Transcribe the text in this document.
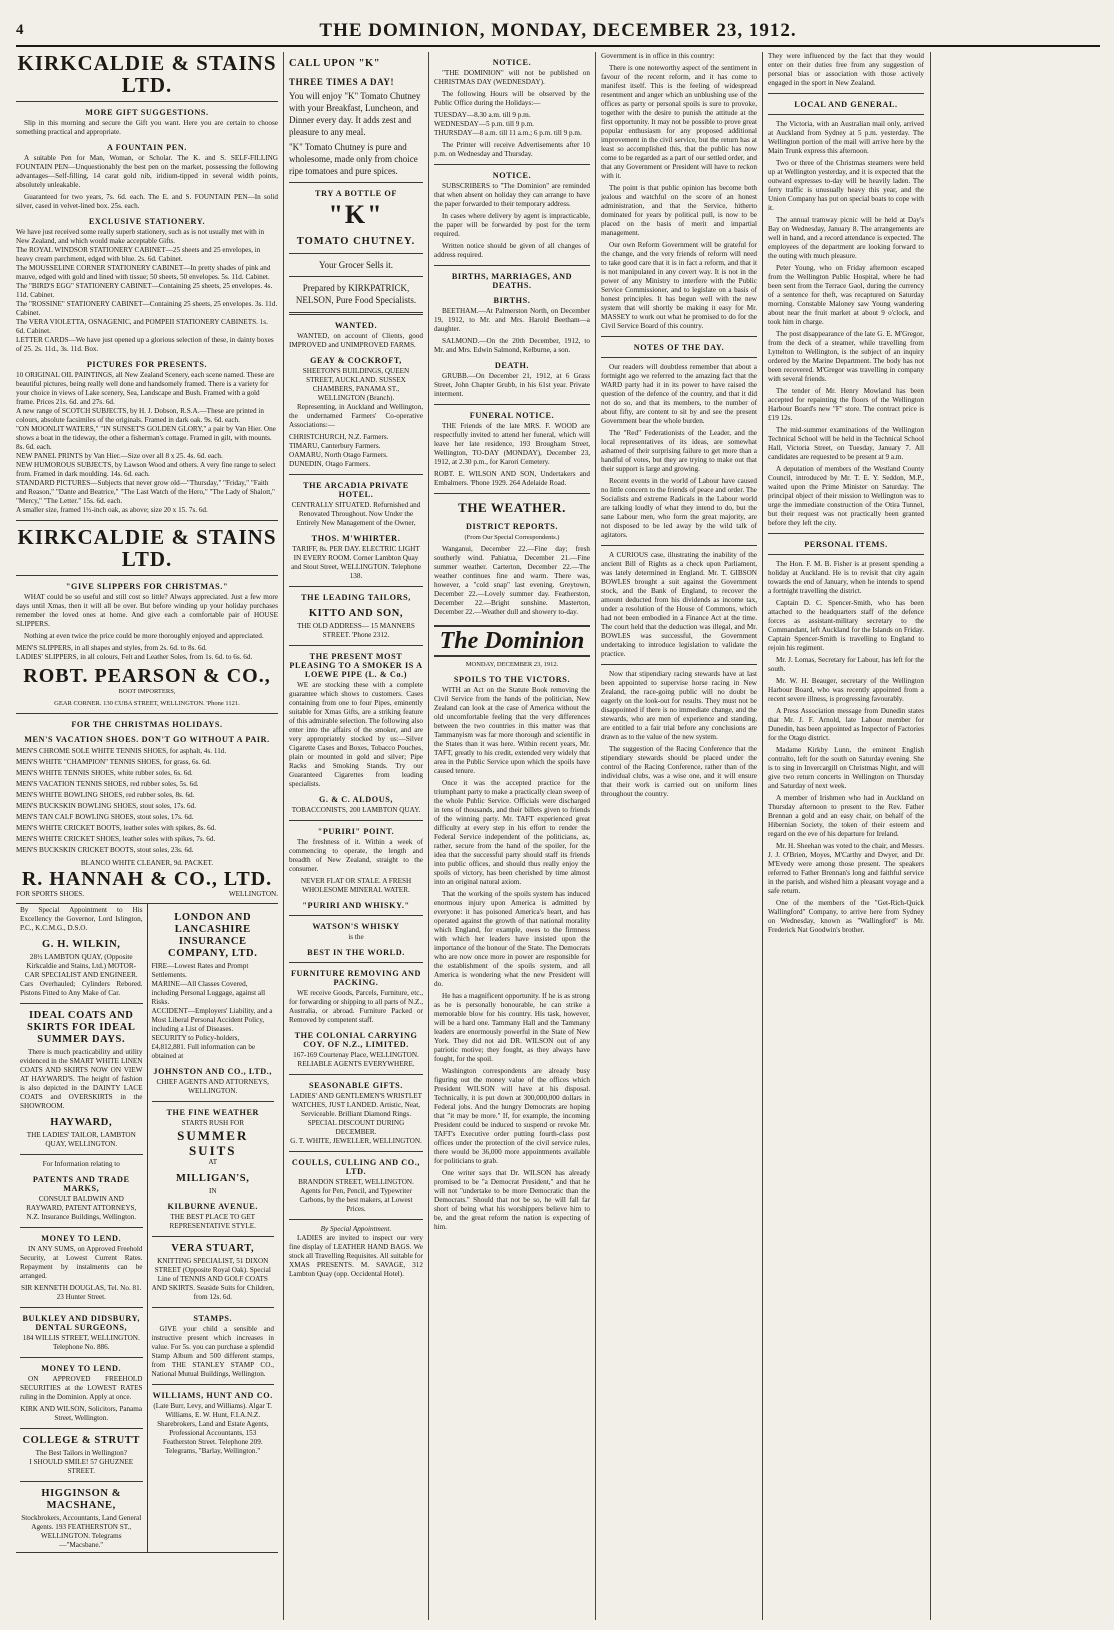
4	THE DOMINION, MONDAY, DECEMBER 23, 1912.
KIRKCALDIE & STAINS LTD.
MORE GIFT SUGGESTIONS.

Slip in this morning and secure the Gift you want. Here you are certain to choose something practical and appropriate.

A FOUNTAIN PEN.

A suitable Pen for Man, Woman, or Scholar. The K. and S. SELF-FILLING FOUNTAIN PEN—Unquestionably the best pen on the market, possessing the following advantages—Self-filling, 14 carat gold nib, iridium-tipped in several width points, absolutely unleakable.

Guaranteed for two years, 7s. 6d. each. The E. and S. FOUNTAIN PEN—In solid silver, cased in velvet-lined box. 25s. each.

EXCLUSIVE STATIONERY.
We have just received some really superb stationery, such as is not usually met with in New Zealand, and which would make acceptable Gifts.
The ROYAL WINDSOR STATIONERY CABINET—25 sheets and 25 envelopes, in heavy cream parchment, edged with blue. 2s. 6d. Cabinet.
The MOUSSELINE CORNER STATIONERY CABINET—In pretty shades of pink and mauve, edged with gold and lined with tissue; 50 sheets, 50 envelopes. 5s. 11d. Cabinet.
The "BIRD'S EGG" STATIONERY CABINET—Containing 25 sheets, 25 envelopes. 4s. 11d. Cabinet.
The "ROSSINE" STATIONERY CABINET—Containing 25 sheets, 25 envelopes. 3s. 11d. Cabinet.
The VERA VIOLETTA, OSNAGENIC, and POMPEII STATIONERY CABINETS. 1s. 6d. Cabinet.
LETTER CARDS—We have just opened up a glorious selection of these, in dainty boxes of 25. 2s. 11d., 3s. 11d. Box.
PICTURES FOR PRESENTS.
10 ORIGINAL OIL PAINTINGS, all New Zealand Scenery, each scene named. These are beautiful pictures, being really well done and handsomely framed. There is a variety for your choice in views of Lake scenery, Sea, Landscape and Bush. Framed with a gold frame. Prices 21s. 6d. and 27s. 6d.
A new range of SCOTCH SUBJECTS, by H. J. Dobson, R.S.A.—These are printed in colours, absolute facsimiles of the originals. Framed in dark oak. 9s. 6d. each.
"ON MOONLIT WATERS," "IN SUNSET'S GOLDEN GLORY," a pair by Van Hier. One shows a boat in the tideway, the other a fisherman's cottage. Framed in gilt, with mounts. 8s. 6d. each.
NEW PANEL PRINTS by Van Hier.—Size over all 8 x 25. 4s. 6d. each.
NEW HUMOROUS SUBJECTS, by Lawson Wood and others. A very fine range to select from. Framed in dark moulding. 14s. 6d. each.
STANDARD PICTURES—Subjects that never grow old—"Thursday," "Friday," "Faith and Reason," "Dante and Beatrice," "The Last Watch of the Hero," "The Lady of Shalott," "Mercy," "The Letter." 15s. 6d. each.
A smaller size, framed 1½-inch oak, as above; size 20 x 15. 7s. 6d.
KIRKCALDIE & STAINS LTD.
"GIVE SLIPPERS FOR CHRISTMAS."

WHAT could be so useful and still cost so little? Always appreciated. Just a few more days until Xmas, then it will all be over. But before winding up your holiday purchases remember the loved ones at home. And give each a comfortable pair of HOUSE SLIPPERS.

Nothing at even twice the price could be more thoroughly enjoyed and appreciated.

MEN'S SLIPPERS, in all shapes and styles, from 2s. 6d. to 8s. 6d.
LADIES' SLIPPERS, in all colours, Felt and Leather Soles, from 1s. 6d. to 6s. 6d.
ROBT. PEARSON & CO.,
BOOT IMPORTERS,
GEAR CORNER. 130 CUBA STREET, WELLINGTON. 'Phone 1121.
FOR THE CHRISTMAS HOLIDAYS.
MEN'S VACATION SHOES. DON'T GO WITHOUT A PAIR.
MEN'S CHROME SOLE WHITE TENNIS SHOES, for asphalt, 4s. 11d.
MEN'S WHITE "CHAMPION" TENNIS SHOES, for grass, 6s. 6d.
MEN'S WHITE TENNIS SHOES, white rubber soles, 6s. 6d.
MEN'S VACATION TENNIS SHOES, red rubber soles, 5s. 6d.
MEN'S WHITE BOWLING SHOES, red rubber soles, 8s. 6d.
MEN'S BUCKSKIN BOWLING SHOES, stout soles, 17s. 6d.
MEN'S TAN CALF BOWLING SHOES, stout soles, 17s. 6d.
MEN'S WHITE CRICKET BOOTS, leather soles with spikes, 8s. 6d.
MEN'S WHITE CRICKET SHOES, leather soles with spikes, 7s. 6d.
MEN'S BUCKSKIN CRICKET BOOTS, stout soles, 23s. 6d.
BLANCO WHITE CLEANER, 9d. PACKET.
R. HANNAH & CO., LTD.
FOR SPORTS SHOES.	WELLINGTON.

By Special Appointment to His Excellency the Governor, Lord Islington, P.C., K.C.M.G., D.S.O.

G. H. WILKIN,
28½ LAMBTON QUAY, (Opposite Kirkcaldie and Stains, Ltd.) MOTOR-CAR SPECIALIST AND ENGINEER.

Cars Overhauled; Cylinders Rebored. Pistons Fitted to Any Make of Car.

IDEAL COATS AND SKIRTS FOR IDEAL SUMMER DAYS.

There is much practicability and utility evidenced in the SMART WHITE LINEN COATS AND SKIRTS NOW ON VIEW AT HAYWARD'S. The height of fashion is also depicted in the DAINTY LACE COATS and OVERSKIRTS in the SHOWROOM.

HAYWARD,
THE LADIES' TAILOR, LAMBTON QUAY, WELLINGTON.
For Information relating to
PATENTS AND TRADE MARKS,
CONSULT BALDWIN AND RAYWARD, PATENT ATTORNEYS, N.Z. Insurance Buildings, Wellington.
MONEY TO LEND.

IN ANY SUMS, on Approved Freehold Security, at Lowest Current Rates. Repayment by instalments can be arranged.

SIR KENNETH DOUGLAS, Tel. No. 81. 23 Hunter Street.
BULKLEY AND DIDSBURY, DENTAL SURGEONS,
184 WILLIS STREET, WELLINGTON. Telephone No. 886.
MONEY TO LEND.

ON APPROVED FREEHOLD SECURITIES at the LOWEST RATES ruling in the Dominion. Apply at once.

KIRK AND WILSON, Solicitors, Panama Street, Wellington.
COLLEGE & STRUTT
The Best Tailors in Wellington?
I SHOULD SMILE! 57 GHUZNEE STREET.
HIGGINSON & MACSHANE,
Stockbrokers, Accountants, Land General Agents. 193 FEATHERSTON ST., WELLINGTON. Telegrams—"Macsbane."
LONDON AND LANCASHIRE INSURANCE COMPANY, LTD.
FIRE—Lowest Rates and Prompt Settlements.
MARINE—All Classes Covered, including Personal Luggage, against all Risks.
ACCIDENT—Employers' Liability, and a Most Liberal Personal Accident Policy, including a List of Diseases.
SECURITY to Policy-holders, £4,812,881. Full information can be obtained at
JOHNSTON AND CO., LTD.,
CHIEF AGENTS AND ATTORNEYS, WELLINGTON.
THE FINE WEATHER
STARTS RUSH FOR
SUMMER SUITS
AT
MILLIGAN'S,
IN
KILBURNE AVENUE.
THE BEST PLACE TO GET REPRESENTATIVE STYLE.
VERA STUART,
KNITTING SPECIALIST, 51 DIXON STREET (Opposite Royal Oak). Special Line of TENNIS AND GOLF COATS AND SKIRTS. Seaside Suits for Children, from 12s. 6d.
STAMPS.

GIVE your child a sensible and instructive present which increases in value. For 5s. you can purchase a splendid Stamp Album and 500 different stamps, from THE STANLEY STAMP CO., National Mutual Buildings, Wellington.

WILLIAMS, HUNT AND CO.
(Late Burr, Levy, and Williams). Algar T. Williams, E. W. Hunt, F.I.A.N.Z. Sharebrokers, Land and Estate Agents, Professional Accountants, 153 Featherston Street. Telephone 209. Telegrams, "Barlay, Wellington."
CALL UPON "K"
THREE TIMES A DAY!

You will enjoy "K" Tomato Chutney with your Breakfast, Luncheon, and Dinner every day. It adds zest and pleasure to any meal.

"K" Tomato Chutney is pure and wholesome, made only from choice ripe tomatoes and pure spices.

TRY A BOTTLE OF
"K"
TOMATO CHUTNEY.
Your Grocer Sells it.
Prepared by KIRKPATRICK, NELSON, Pure Food Specialists.
WANTED.

WANTED, on account of Clients, good IMPROVED and UNIMPROVED FARMS.

GEAY & COCKROFT,
SHEETON'S BUILDINGS, QUEEN STREET, AUCKLAND. SUSSEX CHAMBERS, PANAMA ST., WELLINGTON (Branch).

Representing, in Auckland and Wellington, the undernamed Farmers' Co-operative Associations:—

CHRISTCHURCH, N.Z. Farmers.
TIMARU, Canterbury Farmers.
OAMARU, North Otago Farmers.
DUNEDIN, Otago Farmers.
THE ARCADIA PRIVATE HOTEL.
CENTRALLY SITUATED. Refurnished and Renovated Throughout. Now Under the Entirely New Management of the Owner,
THOS. M'WHIRTER.
TARIFF, 8s. PER DAY. ELECTRIC LIGHT IN EVERY ROOM. Corner Lambton Quay and Stout Street, WELLINGTON. Telephone 138.
THE LEADING TAILORS,
KITTO AND SON,
THE OLD ADDRESS— 15 MANNERS STREET. 'Phone 2312.
THE PRESENT MOST PLEASING TO A SMOKER IS A LOEWE PIPE (L. & Co.)

WE are stocking these with a complete guarantee which shows to customers. Cases containing from one to four Pipes, eminently suitable for Xmas Gifts, are a striking feature of this admirable selection. The following also enter into the affairs of the smoker, and are very appropriately stocked by us:—Silver Cigarette Cases and Boxes, Tobacco Pouches, plain or mounted in gold and silver; Pipe Racks and Smoking Stands. Try our Guaranteed Cigarettes from leading specialists.

G. & C. ALDOUS,
TOBACCONISTS, 200 LAMBTON QUAY.
"PURIRI" POINT.

The freshness of it. Within a week of commencing to operate, the length and breadth of New Zealand, straight to the consumer.

NEVER FLAT OR STALE. A FRESH WHOLESOME MINERAL WATER.
"PURIRI AND WHISKY."
WATSON'S WHISKY
is the
BEST IN THE WORLD.
FURNITURE REMOVING AND PACKING.

WE receive Goods, Parcels, Furniture, etc., for forwarding or shipping to all parts of N.Z., Australia, or abroad. Furniture Packed or Removed by competent staff.

THE COLONIAL CARRYING COY. OF N.Z., LIMITED.
167-169 Courtenay Place, WELLINGTON.
RELIABLE AGENTS EVERYWHERE.
SEASONABLE GIFTS.
LADIES' AND GENTLEMEN'S WRISTLET WATCHES, JUST LANDED. Artistic, Neat, Serviceable. Brilliant Diamond Rings. SPECIAL DISCOUNT DURING DECEMBER.
G. T. WHITE, JEWELLER, WELLINGTON.
COULLS, CULLING AND CO., LTD.
BRANDON STREET, WELLINGTON.
Agents for Pen, Pencil, and Typewriter Carbons, by the best makers, at Lowest Prices.
By Special Appointment.

LADIES are invited to inspect our very fine display of LEATHER HAND BAGS. We stock all Travelling Requisites. All suitable for XMAS PRESENTS. M. SAVAGE, 312 Lambton Quay (opp. Occidental Hotel).

NOTICE.

"THE DOMINION" will not be published on CHRISTMAS DAY (WEDNESDAY).

The following Hours will be observed by the Public Office during the Holidays:—

TUESDAY—8.30 a.m. till 9 p.m.
WEDNESDAY—5 p.m. till 9 p.m.
THURSDAY—8 a.m. till 11 a.m.; 6 p.m. till 9 p.m.

The Printer will receive Advertisements after 10 p.m. on Wednesday and Thursday.

NOTICE.

SUBSCRIBERS to "The Dominion" are reminded that when absent on holiday they can arrange to have the paper forwarded to their temporary address.

In cases where delivery by agent is impracticable, the paper will be forwarded by post for the term required.

Written notice should be given of all changes of address required.

BIRTHS, MARRIAGES, AND DEATHS.
BIRTHS.

BEETHAM.—At Palmerston North, on December 19, 1912, to Mr. and Mrs. Harold Beetham—a daughter.

SALMOND.—On the 20th December, 1912, to Mr. and Mrs. Edwin Salmond, Kelburne, a son.

DEATH.

GRUBB.—On December 21, 1912, at 6 Grass Street, John Chapter Grubb, in his 61st year. Private interment.

FUNERAL NOTICE.

THE Friends of the late MRS. F. WOOD are respectfully invited to attend her funeral, which will leave her late residence, 193 Brougham Street, Wellington, TO-DAY (MONDAY), December 23, 1912, at 2.30 p.m., for Karori Cemetery.

ROBT. E. WILSON AND SON, Undertakers and Embalmers. 'Phone 1929. 264 Adelaide Road.

THE WEATHER.
DISTRICT REPORTS.
(From Our Special Correspondents.)

Wanganui, December 22.—Fine day; fresh southerly wind. Pahiatua, December 21.—Fine summer weather. Carterton, December 22.—The weather continues fine and warm. There was, however, a "cold snap" last evening. Greytown, December 22.—Lovely summer day. Featherston, December 22.—Bright sunshine. Masterton, December 22.—Weather dull and showery to-day.

The Dominion
MONDAY, DECEMBER 23, 1912.
SPOILS TO THE VICTORS.

WITH an Act on the Statute Book removing the Civil Service from the hands of the politician, New Zealand can look at the case of America without the old uncomfortable feeling that the very differences between the two countries in this matter was that Tammanyism was far more thorough and scientific in the States than it was here. Within recent years, Mr. TAFT, greatly to his credit, extended very widely that area in the Public Service upon which the spoils have caused tenure.

Once it was the accepted practice for the triumphant party to make a practically clean sweep of the whole Public Service. Officials were discharged in tens of thousands, and their billets given to friends of the winning party. Mr. TAFT experienced great difficulty at every step in his effort to render the Federal Service independent of the politicians, as, rather, secure from the hand of the spoiler, for the idea that the successful party should staff its friends into public offices, and should thus really enjoy the spoils of victory, has been cherished by time almost into an original natural axiom.

That the working of the spoils system has induced enormous injury upon America is admitted by everyone: it has poisoned America's heart, and has operated against the growth of that national morality which England, for example, owes to the firmness with which her leaders have insisted upon the importance of the honour of the State. The Democrats who are now once more in power are responsible for the establishment of the spoils system, and all America is wondering what the new President will do.

He has a magnificent opportunity. If he is as strong as he is personally honourable, he can strike a memorable blow for his country. His task, however, will be a hard one. Tammany Hall and the Tammany leaders are enormously powerful in the State of New York. They did not aid DR. WILSON out of any patriotic motive; they fought, as they always have fought, for the spoil.

Washington correspondents are already busy figuring out the money value of the offices which President WILSON will have at his disposal. Technically, it is put down at 300,000,000 dollars in Federal jobs. And the hungry Democrats are hoping that "it may be more." If, for example, the incoming President could be induced to suspend or revoke Mr. TAFT's Executive order putting fourth-class post offices under the protection of the civil service rules, there would be 36,000 more appointments available for politicians to grab.

One writer says that Dr. WILSON has already promised to be "a Democrat President," and that he will not "undertake to be more Democratic than the Democrats." Should that not be so, he will fall far short of being what his worshippers believe him to be, and the great reform the nation is expecting of him.

Government is in office in this country:

There is one noteworthy aspect of the sentiment in favour of the recent reform, and it has come to manifest itself. This is the feeling of widespread resentment and anger which an unblushing use of the offices as party or personal spoils is sure to provoke, together with the desire to punish the attitude at the first opportunity. It may not be possible to prove great popular enthusiasm for any proposed additional improvement in the civil service, but the return has at least so accomplished this, that the public has now come to be regarded as a part of our settled order, and that any Government or President will have to reckon with it.

The point is that public opinion has become both jealous and watchful on the score of an honest administration, and that the Service, hitherto dominated for years by political pull, is now to be placed on the basis of merit and impartial management.

Our own Reform Government will be grateful for the change, and the very friends of reform will need to take good care that it is in fact a reform, and that it is not manipulated in any covert way. It is not in the power of any Ministry to interfere with the Public Service Commissioner, and to legislate on a basis of honest principles. It has begun well with the new system that will shortly be making it easy for Mr. MASSEY to work out what he promised to do for the Civil Service Board of this country.

NOTES OF THE DAY.

Our readers will doubtless remember that about a fortnight ago we referred to the amazing fact that the WARD party had it in its power to have raised the question of the defence of the country, and that it did not do so, and that its members, to the number of about fifty, are content to sit by and see the present Government bear the whole burden.

The "Red" Federationists of the Leader, and the local representatives of its ideas, are somewhat ashamed of their surprising failure to get more than a handful of votes, but they are trying to make out that their support is large and growing.

Recent events in the world of Labour have caused no little concern to the friends of peace and order. The Socialists and extreme Radicals in the Labour world are talking loudly of what they intend to do, but the sane Labour men, who form the great majority, are not disposed to be led away by the wild talk of agitators.

A CURIOUS case, illustrating the inability of the ancient Bill of Rights as a check upon Parliament, was lately determined in England. Mr. T. GIBSON BOWLES brought a suit against the Government stock, and the Bank of England, to recover the amount deducted from his dividends as income tax, under a resolution of the House of Commons, which had not been embodied in a Finance Act at the time. The court held that the deduction was illegal, and Mr. BOWLES was successful, the Government undertaking to introduce legislation to validate the practice.

Now that stipendiary racing stewards have at last been appointed to supervise horse racing in New Zealand, the race-going public will no doubt be eagerly on the look-out for results. They must not be disappointed if there is no immediate change, and the stewards, who are men of experience and standing, are entitled to a fair trial before any conclusions are drawn as to the value of the new system.

The suggestion of the Racing Conference that the stipendiary stewards should be placed under the control of the Racing Conference, rather than of the individual clubs, was a wise one, and it will ensure that their work is carried out on uniform lines throughout the country.

They were influenced by the fact that they would enter on their duties free from any suggestion of personal bias or association with those actively engaged in the sport in New Zealand.

LOCAL AND GENERAL.

The Victoria, with an Australian mail only, arrived at Auckland from Sydney at 5 p.m. yesterday. The Wellington portion of the mail will arrive here by the Main Trunk express this afternoon.

Two or three of the Christmas steamers were held up at Wellington yesterday, and it is expected that the outward expresses to-day will be heavily laden. The ferry traffic is unusually heavy this year, and the Union Company has put on special boats to cope with it.

The annual tramway picnic will be held at Day's Bay on Wednesday, January 8. The arrangements are well in hand, and a record attendance is expected. The employees of the department are looking forward to the outing with much pleasure.

Peter Young, who on Friday afternoon escaped from the Wellington Public Hospital, where he had been sent from the Terrace Gaol, during the currency of a sentence for theft, was recaptured on Saturday morning. Constable Maloney saw Young wandering about near the fruit market at about 9 o'clock, and took him in charge.

The post disappearance of the late G. E. M'Gregor, from the deck of a steamer, while travelling from Lyttelton to Wellington, is the subject of an inquiry ordered by the Marine Department. The body has not been recovered. M'Gregor was travelling in company with several friends.

The tender of Mr. Henry Mowland has been accepted for repainting the floors of the Wellington Harbour Board's new "F" store. The contract price is £19 12s.

The mid-summer examinations of the Wellington Technical School will be held in the Technical School Hall, Victoria Street, on Tuesday, January 7. All candidates are requested to be present at 9 a.m.

A deputation of members of the Westland County Council, introduced by Mr. T. E. Y. Seddon, M.P., waited upon the Prime Minister on Saturday. The principal object of their mission to Wellington was to urge the immediate construction of the Otira Tunnel, but their request was not practically been granted before they left the city.

PERSONAL ITEMS.

The Hon. F. M. B. Fisher is at present spending a holiday at Auckland. He is to revisit that city again towards the end of January, when he intends to spend a fortnight travelling the district.

Captain D. C. Spencer-Smith, who has been attached to the headquarters staff of the defence forces as assistant-military secretary to the Commandant, left Auckland for the Islands on Friday. Captain Spencer-Smith is travelling to England to rejoin his regiment.

Mr. J. Lomas, Secretary for Labour, has left for the south.

Mr. W. H. Beauger, secretary of the Wellington Harbour Board, who was recently appointed from a recent severe illness, is progressing favourably.

A Press Association message from Dunedin states that Mr. J. F. Arnold, late Labour member for Dunedin, has been appointed as Inspector of Factories for the Otago district.

Madame Kirkby Lunn, the eminent English contralto, left for the south on Saturday evening. She is to sing in Invercargill on Christmas Night, and will give two return concerts in Wellington on Thursday and Saturday of next week.

A member of Irishmen who had in Auckland on Thursday afternoon to present to the Rev. Father Brennan a gold and an easy chair, on behalf of the Hibernian Society, the token of their esteem and regard on the eve of his departure for Ireland.

Mr. H. Sheehan was voted to the chair, and Messrs. J. J. O'Brien, Moyes, M'Carthy and Dwyer, and Dr. M'Evedy were among those present. The speakers referred to Father Brennan's long and faithful service in the parish, and wished him a pleasant voyage and a safe return.

One of the members of the "Get-Rich-Quick Wallingford" Company, to arrive here from Sydney on Wednesday, known as "Wallingford" is Mr. Frederick Nat Goodwin's brother.
